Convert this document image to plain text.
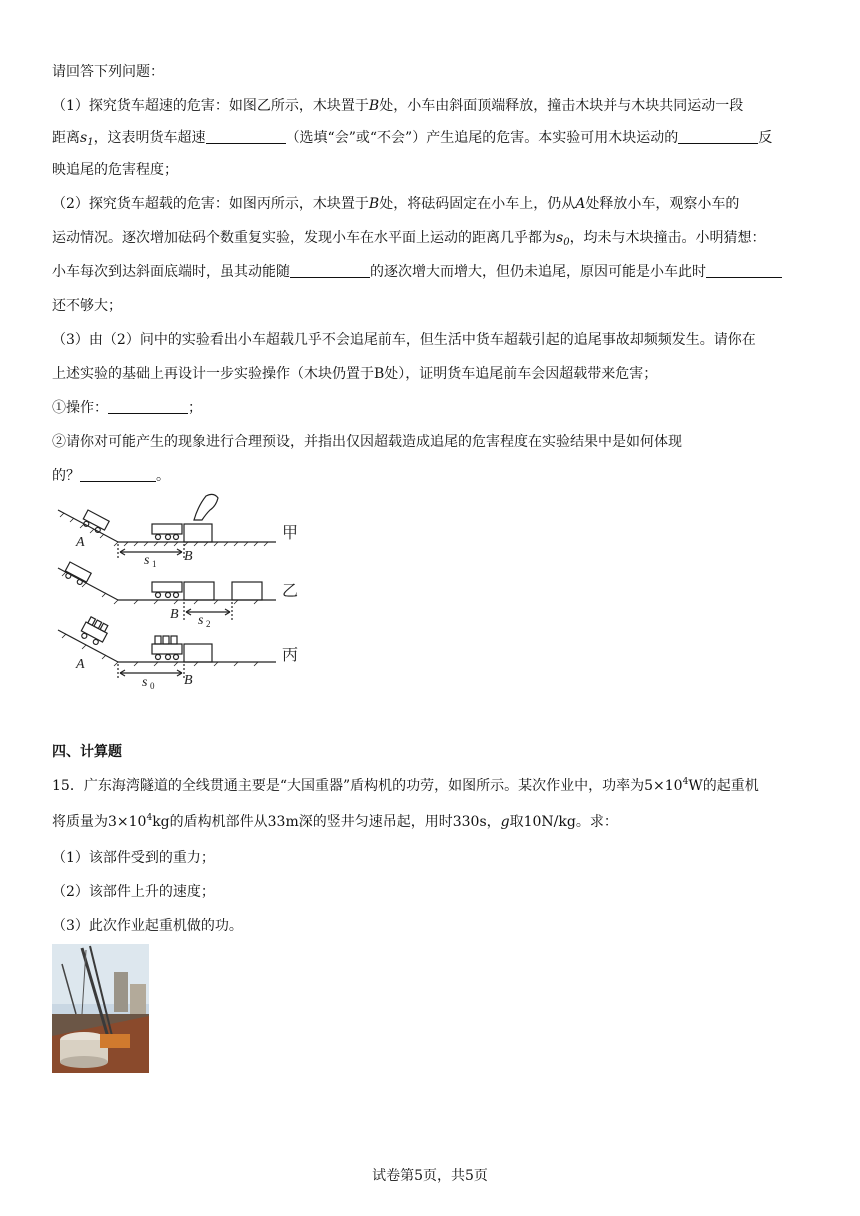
请回答下列问题：
（1）探究货车超速的危害：如图乙所示，木块置于B处，小车由斜面顶端释放，撞击木块并与木块共同运动一段
距离$s_1$，这表明货车超速	（选填“会”或“不会”）产生追尾的危害。本实验可用木块运动的	反
映追尾的危害程度；
（2）探究货车超载的危害：如图丙所示，木块置于B处，将砝码固定在小车上，仍从A处释放小车，观察小车的
运动情况。逐次增加砝码个数重复实验，发现小车在水平面上运动的距离几乎都为$s_0$，均未与木块撞击。小明猜想：
小车每次到达斜面底端时，虽其动能随	的逐次增大而增大，但仍未追尾，原因可能是小车此时
还不够大；
（3）由（2）问中的实验看出小车超载几乎不会追尾前车，但生活中货车超载引起的追尾事故却频频发生。请你在
上述实验的基础上再设计一步实验操作（木块仍置于B处），证明货车追尾前车会因超载带来危害；
①操作：	；
②请你对可能产生的现象进行合理预设，并指出仅因超载造成追尾的危害程度在实验结果中是如何体现
的？	。
A
B
s 1
甲
B s 2
乙
A
B
s 0
丙
四、计算题
15．广东海湾隧道的全线贯通主要是“大国重器”盾构机的功劳，如图所示。某次作业中，功率为$5\times 10^4W$的起重机
将质量为$3\times 10^4kg$的盾构机部件从33m深的竖井匀速吊起，用时330s，g取10N/kg。求：
（1）该部件受到的重力；
（2）该部件上升的速度；
（3）此次作业起重机做的功。
试卷第5页，共5页
